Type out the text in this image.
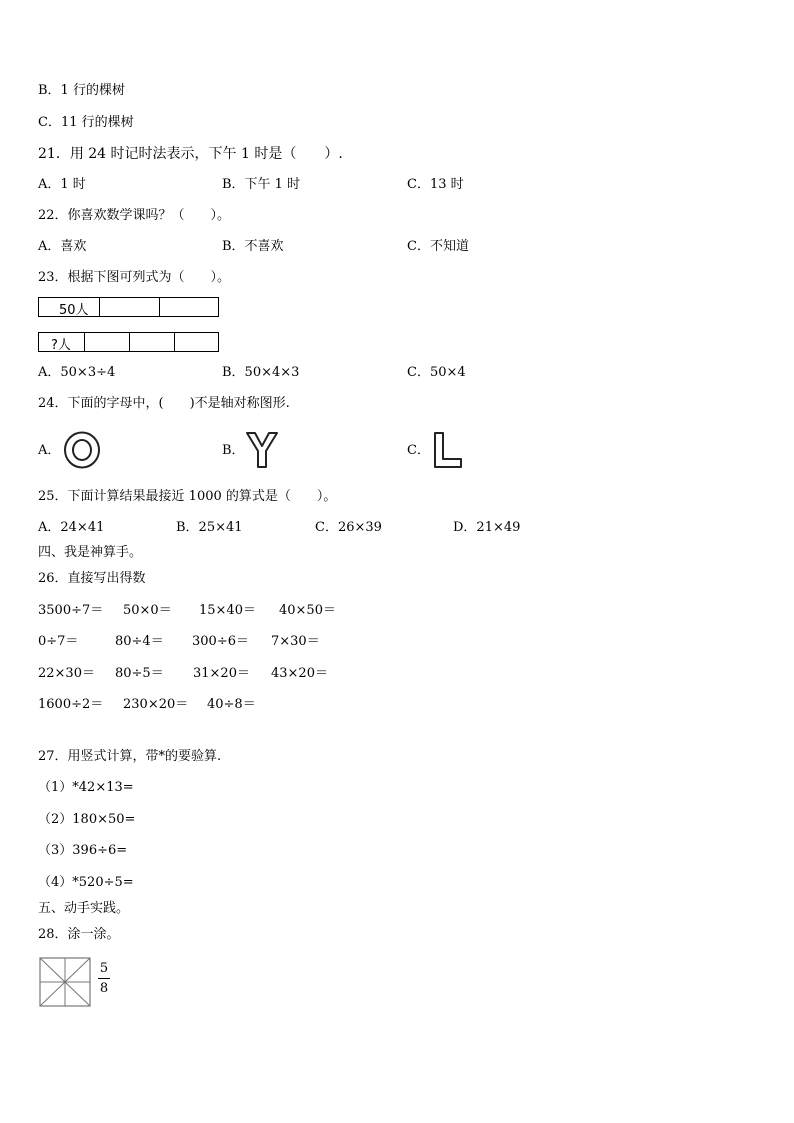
B．1 行的棵树
C．11 行的棵树
21．用 24 时记时法表示，下午 1 时是（　　）.
A．1 时	B．下午 1 时	C．13 时
22．你喜欢数学课吗？（　　）。
A．喜欢	B．不喜欢	C．不知道
23．根据下图可列式为（　　）。
50人
?人
A．50×3÷4	B．50×4×3	C．50×4
24．下面的字母中，(　　)不是轴对称图形.
A．	B．	C．
25．下面计算结果最接近 1000 的算式是（　　）。
A．24×41	B．25×41	C．26×39	D．21×49
四、我是神算手。
26．直接写出得数
3500÷7＝ 50×0＝ 15×40＝ 40×50＝
0÷7＝	80÷4＝ 300÷6＝ 7×30＝
22×30＝ 80÷5＝ 31×20＝ 43×20＝
1600÷2＝ 230×20＝ 40÷8＝
27．用竖式计算，带*的要验算.
（1）*42×13=
（2）180×50=
（3）396÷6=
（4）*520÷5=
五、动手实践。
28．涂一涂。
5
8
